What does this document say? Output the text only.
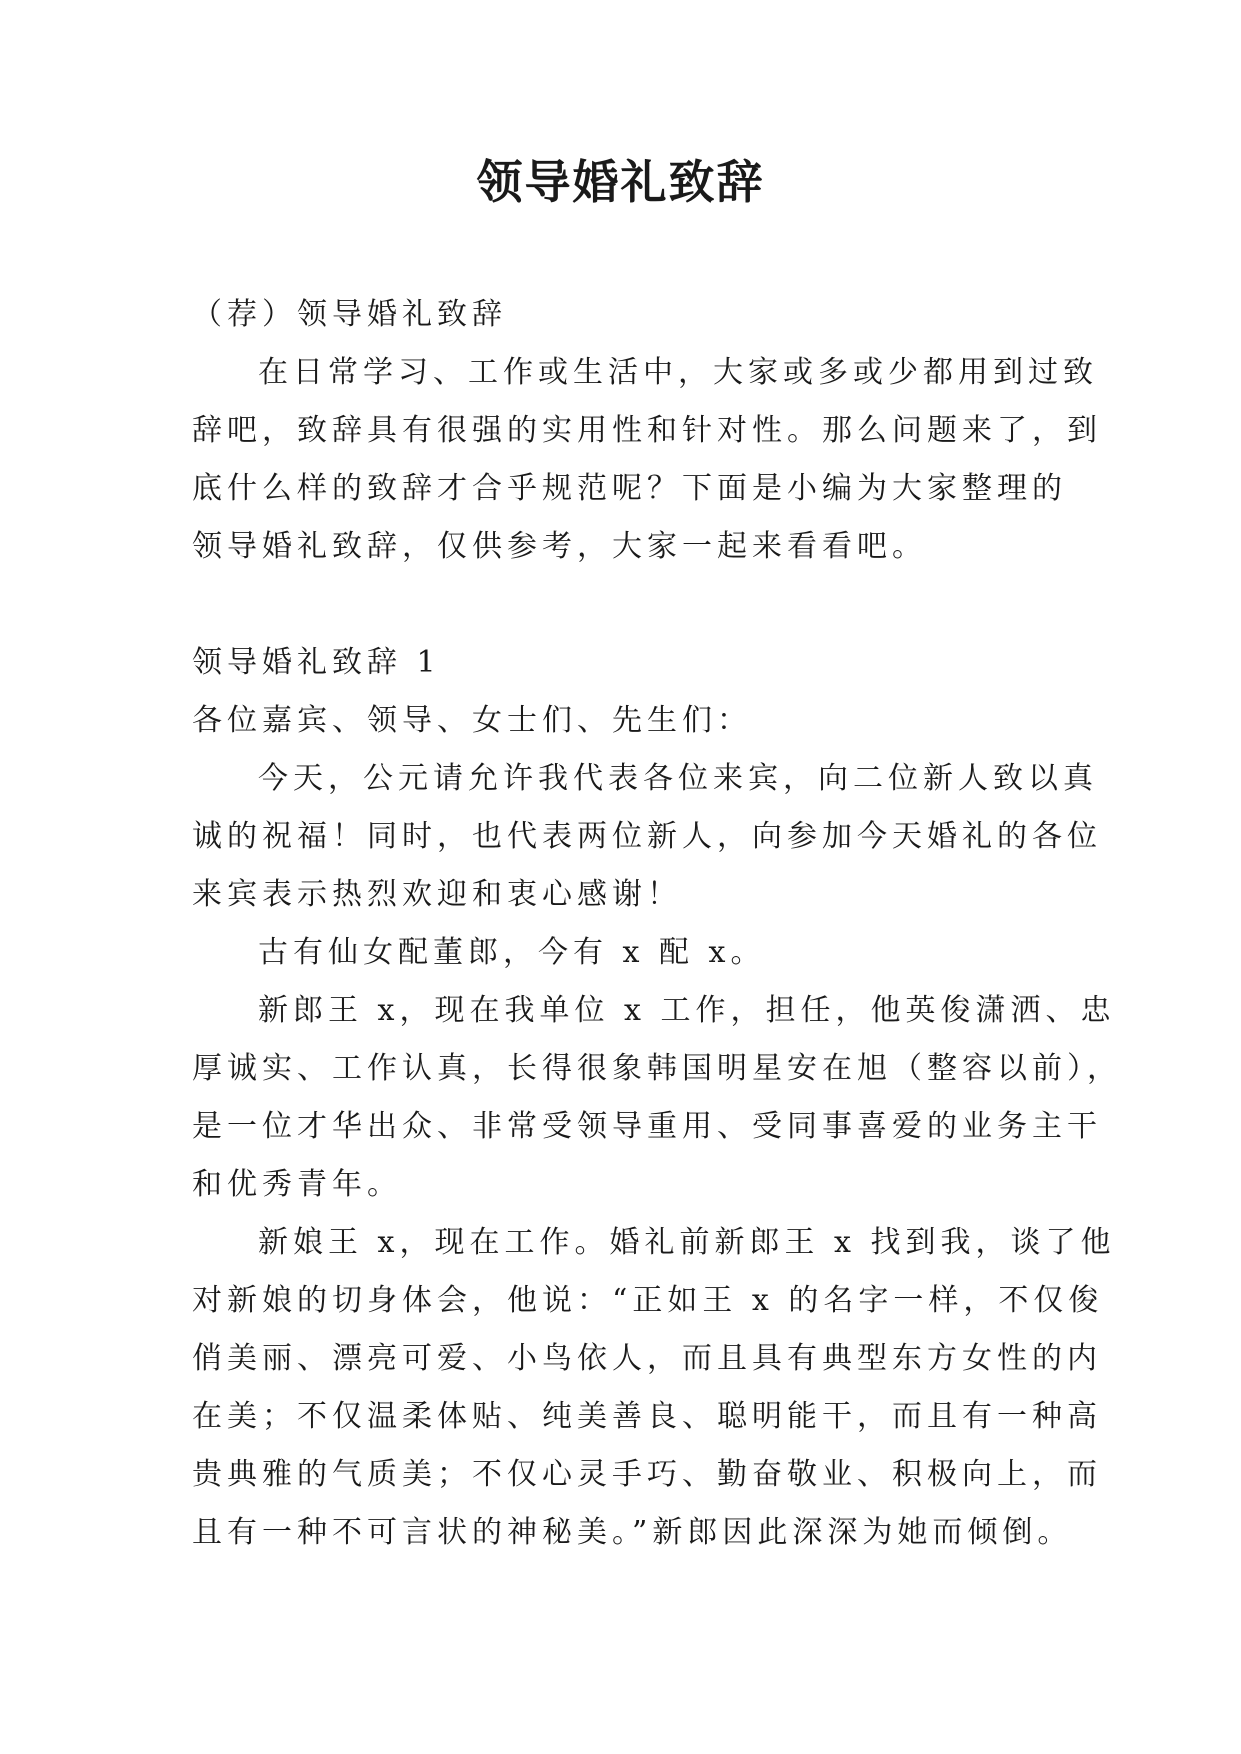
领导婚礼致辞
（荐）领导婚礼致辞
在日常学习、工作或生活中，大家或多或少都用到过致
辞吧，致辞具有很强的实用性和针对性。那么问题来了，到
底什么样的致辞才合乎规范呢？下面是小编为大家整理的
领导婚礼致辞，仅供参考，大家一起来看看吧。
领导婚礼致辞 1
各位嘉宾、领导、女士们、先生们：
今天，公元请允许我代表各位来宾，向二位新人致以真
诚的祝福！同时，也代表两位新人，向参加今天婚礼的各位
来宾表示热烈欢迎和衷心感谢！
古有仙女配董郎，今有 x 配 x。
新郎王 x，现在我单位 x 工作，担任，他英俊潇洒、忠
厚诚实、工作认真，长得很象韩国明星安在旭（整容以前），
是一位才华出众、非常受领导重用、受同事喜爱的业务主干
和优秀青年。
新娘王 x，现在工作。婚礼前新郎王 x 找到我，谈了他
对新娘的切身体会，他说：“正如王 x 的名字一样，不仅俊
俏美丽、漂亮可爱、小鸟依人，而且具有典型东方女性的内
在美；不仅温柔体贴、纯美善良、聪明能干，而且有一种高
贵典雅的气质美；不仅心灵手巧、勤奋敬业、积极向上，而
且有一种不可言状的神秘美。”新郎因此深深为她而倾倒。
